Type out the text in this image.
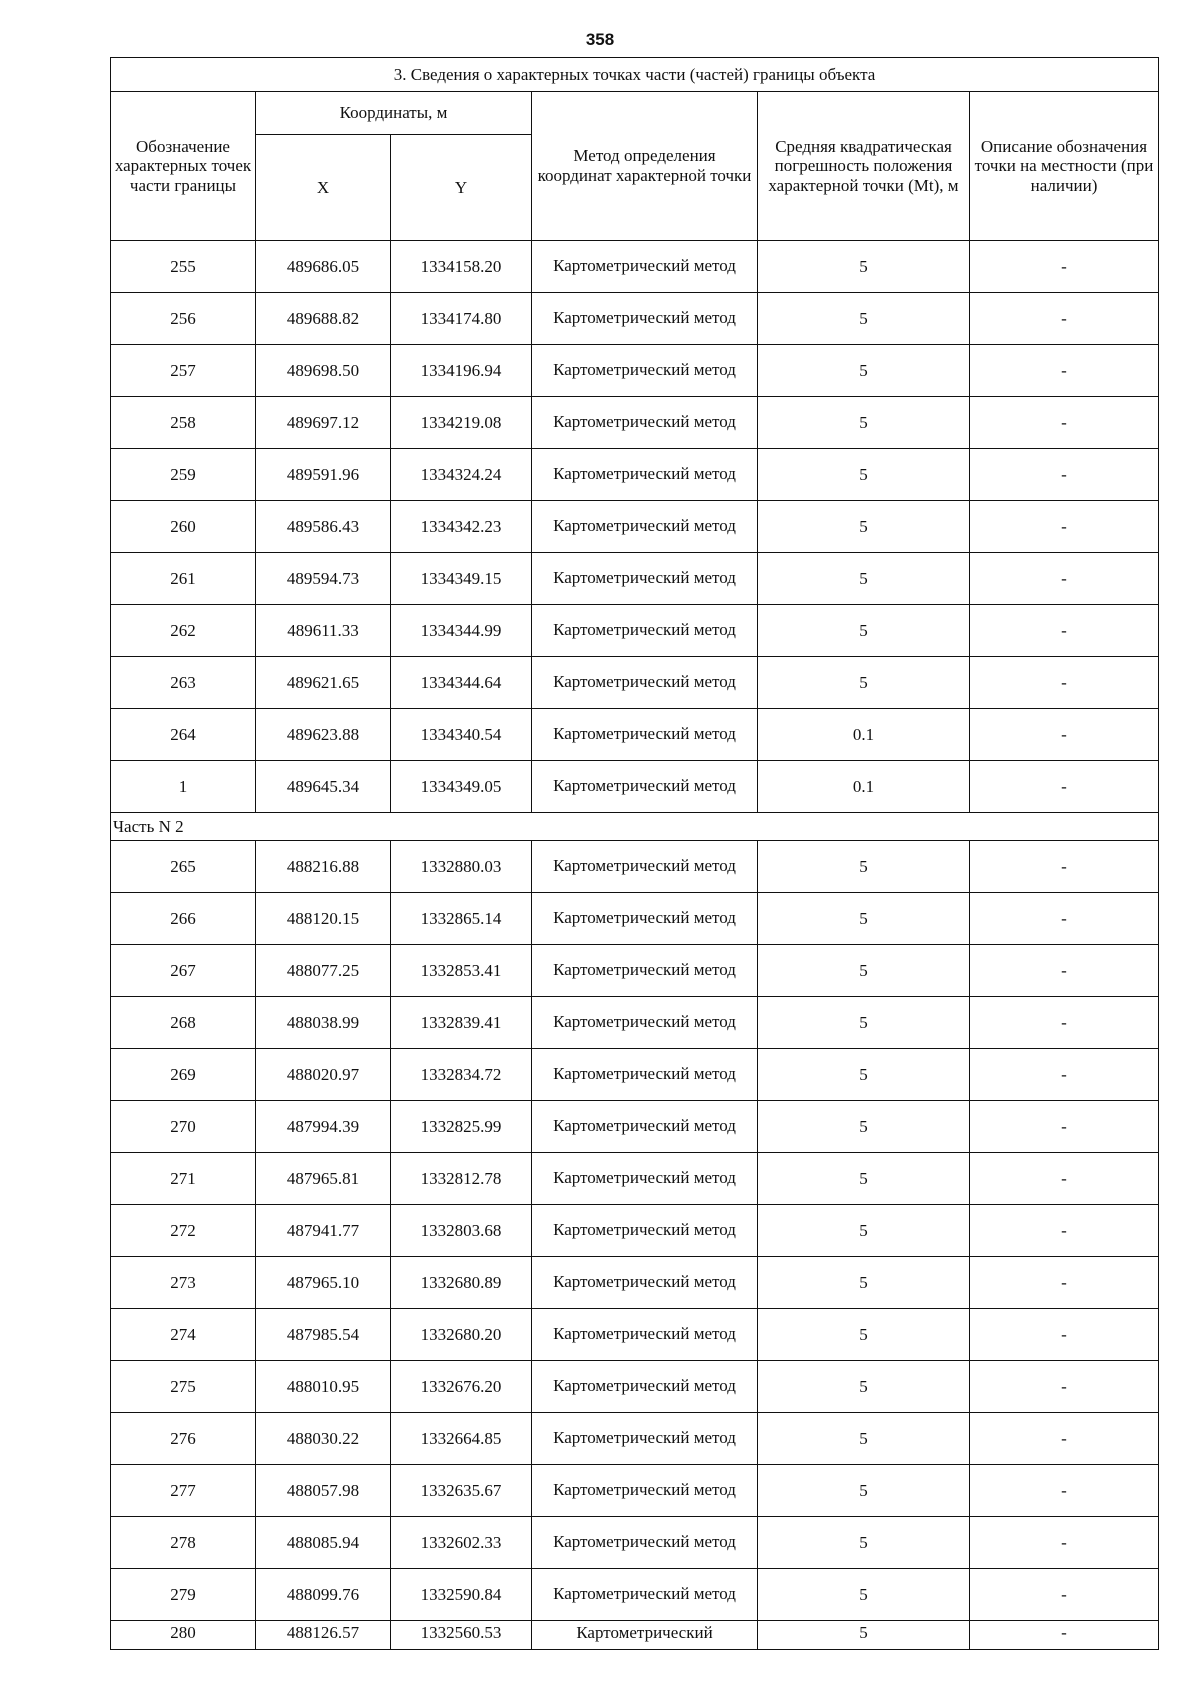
358
3. Сведения о характерных точках части (частей) границы объекта					
Обозначение характерных точек части границы	Координаты, м		Метод определения координат характерной точки	Средняя квадратическая погрешность положения характерной точки (Mt), м	Описание обозначения точки на местности (при наличии)
	X	Y			
255	489686.05	1334158.20	Картометрический метод	5	-
256	489688.82	1334174.80	Картометрический метод	5	-
257	489698.50	1334196.94	Картометрический метод	5	-
258	489697.12	1334219.08	Картометрический метод	5	-
259	489591.96	1334324.24	Картометрический метод	5	-
260	489586.43	1334342.23	Картометрический метод	5	-
261	489594.73	1334349.15	Картометрический метод	5	-
262	489611.33	1334344.99	Картометрический метод	5	-
263	489621.65	1334344.64	Картометрический метод	5	-
264	489623.88	1334340.54	Картометрический метод	0.1	-
1	489645.34	1334349.05	Картометрический метод	0.1	-
Часть N 2					
265	488216.88	1332880.03	Картометрический метод	5	-
266	488120.15	1332865.14	Картометрический метод	5	-
267	488077.25	1332853.41	Картометрический метод	5	-
268	488038.99	1332839.41	Картометрический метод	5	-
269	488020.97	1332834.72	Картометрический метод	5	-
270	487994.39	1332825.99	Картометрический метод	5	-
271	487965.81	1332812.78	Картометрический метод	5	-
272	487941.77	1332803.68	Картометрический метод	5	-
273	487965.10	1332680.89	Картометрический метод	5	-
274	487985.54	1332680.20	Картометрический метод	5	-
275	488010.95	1332676.20	Картометрический метод	5	-
276	488030.22	1332664.85	Картометрический метод	5	-
277	488057.98	1332635.67	Картометрический метод	5	-
278	488085.94	1332602.33	Картометрический метод	5	-
279	488099.76	1332590.84	Картометрический метод	5	-
280	488126.57	1332560.53	Картометрический	5	-
